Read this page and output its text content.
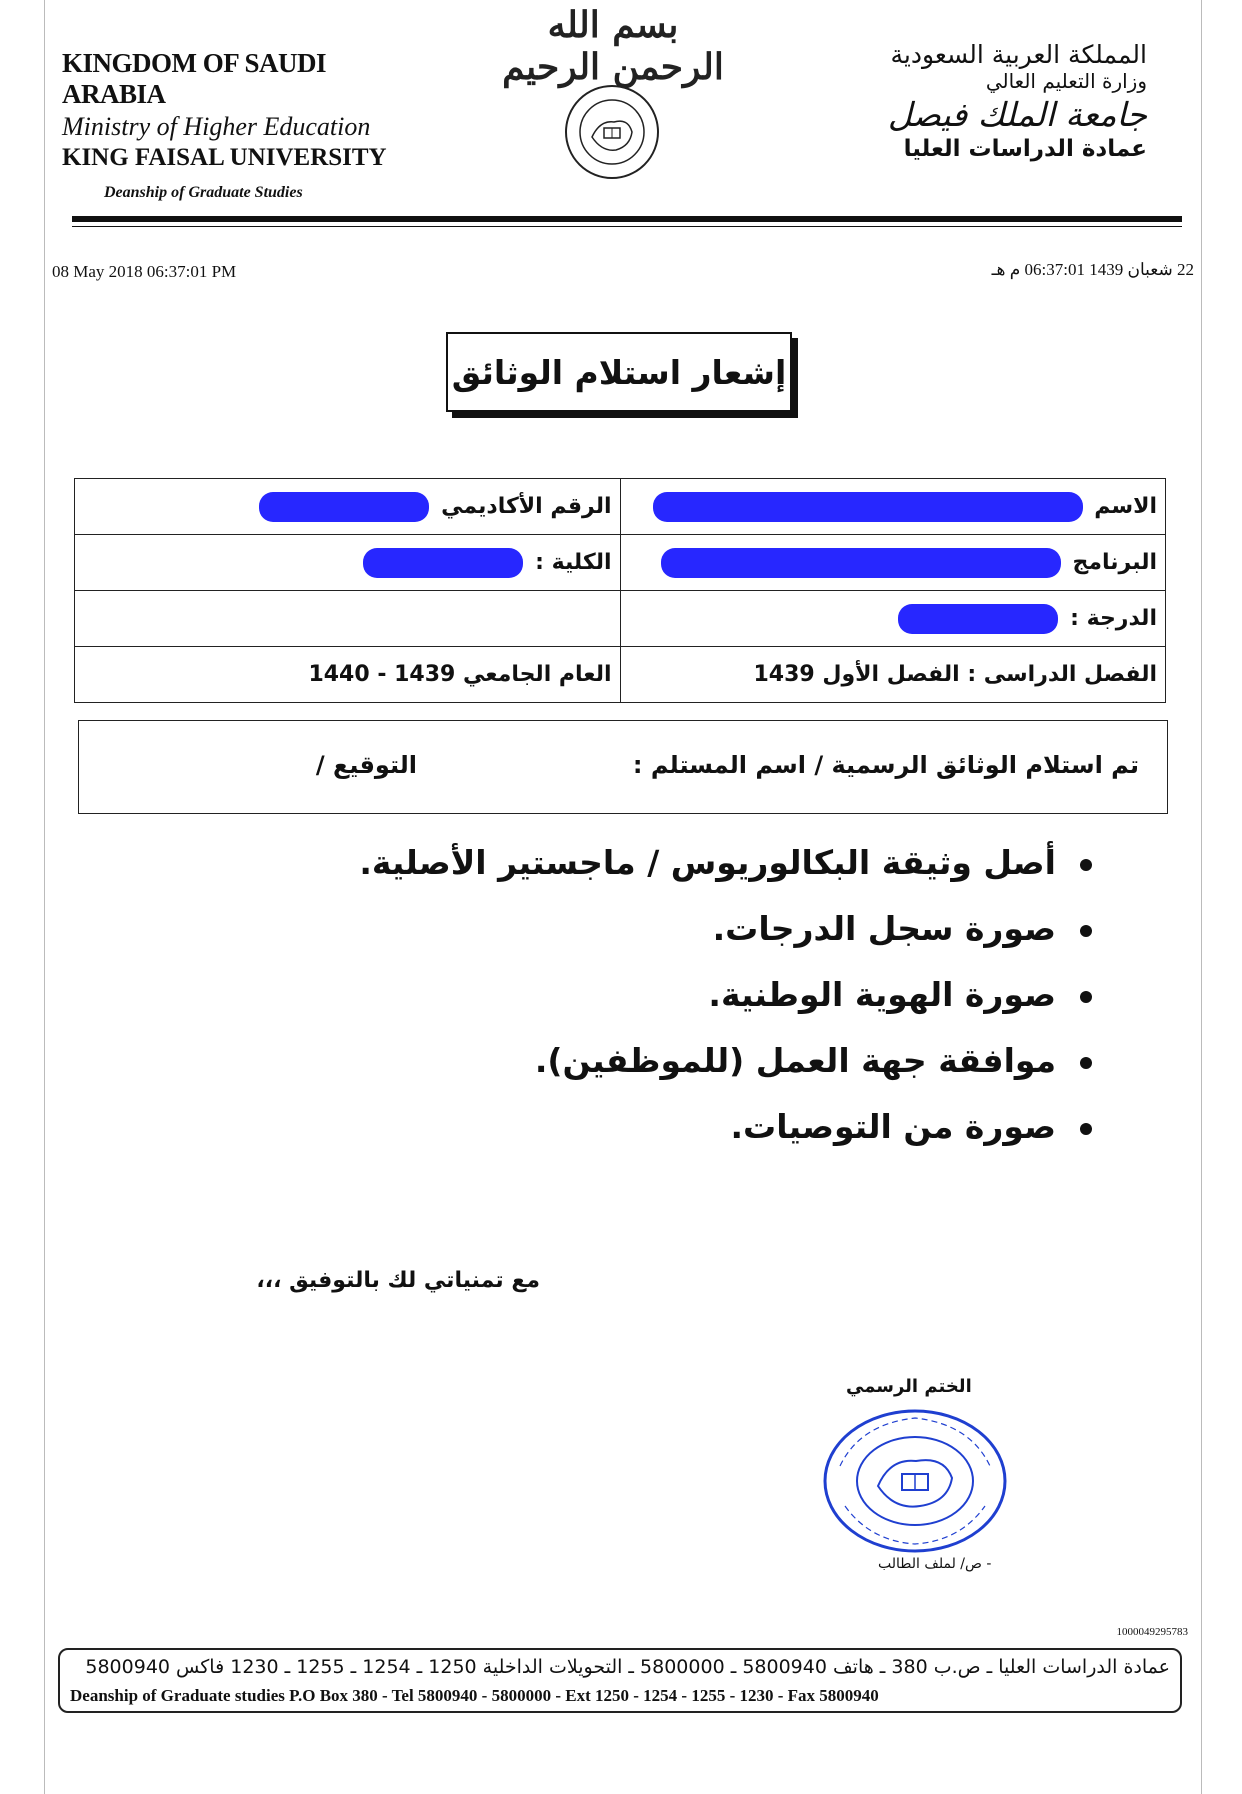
KINGDOM OF SAUDI ARABIA
Ministry of Higher Education
KING FAISAL UNIVERSITY
Deanship of Graduate Studies
بسم الله الرحمن الرحيم	المملكة العربية السعودية
وزارة التعليم العالي
جامعة الملك فيصل
عمادة الدراسات العليا
08 May 2018 06:37:01 PM	22 شعبان 1439 06:37:01 م هـ
إشعار استلام الوثائق
الاسم	الرقم الأكاديمي
البرنامج	الكلية :
الدرجة :	
الفصل الدراسى : الفصل الأول 1439	العام الجامعي 1439 - 1440
تم استلام الوثائق الرسمية / اسم المستلم :
التوقيع /
أصل وثيقة البكالوريوس / ماجستير الأصلية.
صورة سجل الدرجات.
صورة الهوية الوطنية.
موافقة جهة العمل (للموظفين).
صورة من التوصيات.
مع تمنياتي لك بالتوفيق ،،،
الختم الرسمي
- ص/ لملف الطالب
1000049295783
عمادة الدراسات العليا ـ ص.ب 380 ـ هاتف 5800940 ـ 5800000 ـ التحويلات الداخلية 1250 ـ 1254 ـ 1255 ـ 1230 فاكس 5800940
Deanship of Graduate studies P.O Box 380 - Tel 5800940 - 5800000 - Ext 1250 - 1254 - 1255 - 1230 - Fax 5800940
